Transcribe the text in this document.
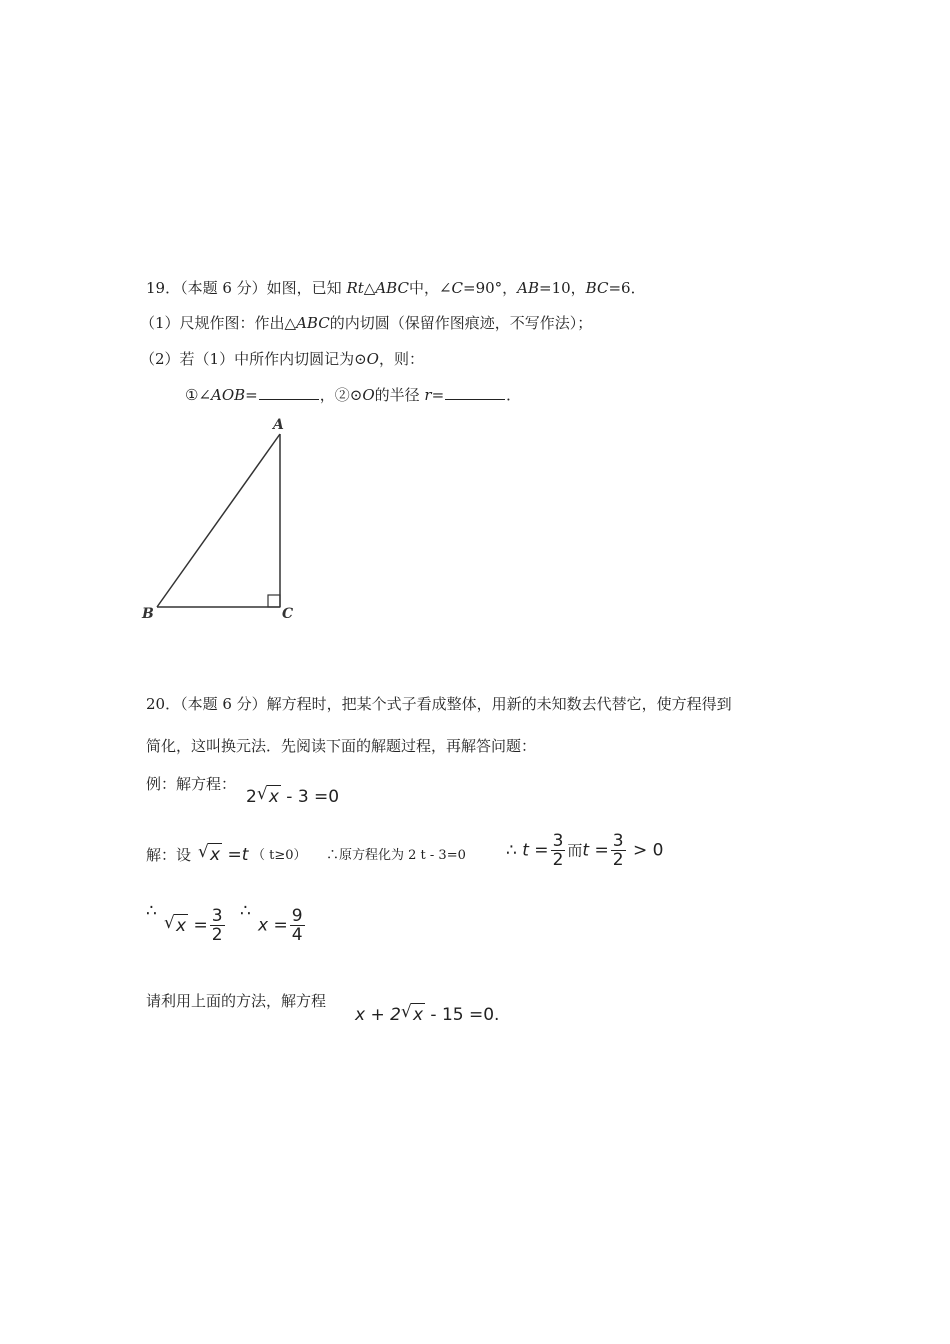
19．（本题 6 分）如图，已知 Rt△ABC中，∠C=90°，AB=10，BC=6．
（1）尺规作图：作出△ABC的内切圆（保留作图痕迹，不写作法）；
（2）若（1）中所作内切圆记为⊙O，则：
①∠AOB=	，②⊙O的半径 r=	．
A
B	C
20．（本题 6 分）解方程时，把某个式子看成整体，用新的未知数去代替它，使方程得到
简化，这叫换元法．先阅读下面的解题过程，再解答问题：
例：解方程：
2 √ x - 3 =0
解：设	√ x =t （ t≥0） ∴原方程化为 2 t - 3=0 ∴ $t = \frac{3}{2}$ 而$t = \frac{3}{2} > 0$
∴
√ $x = \frac{3}{2}$ ∴
$x = \frac{9}{4}$
请利用上面的方法，解方程
x + 2 √ x - 15 =0.
